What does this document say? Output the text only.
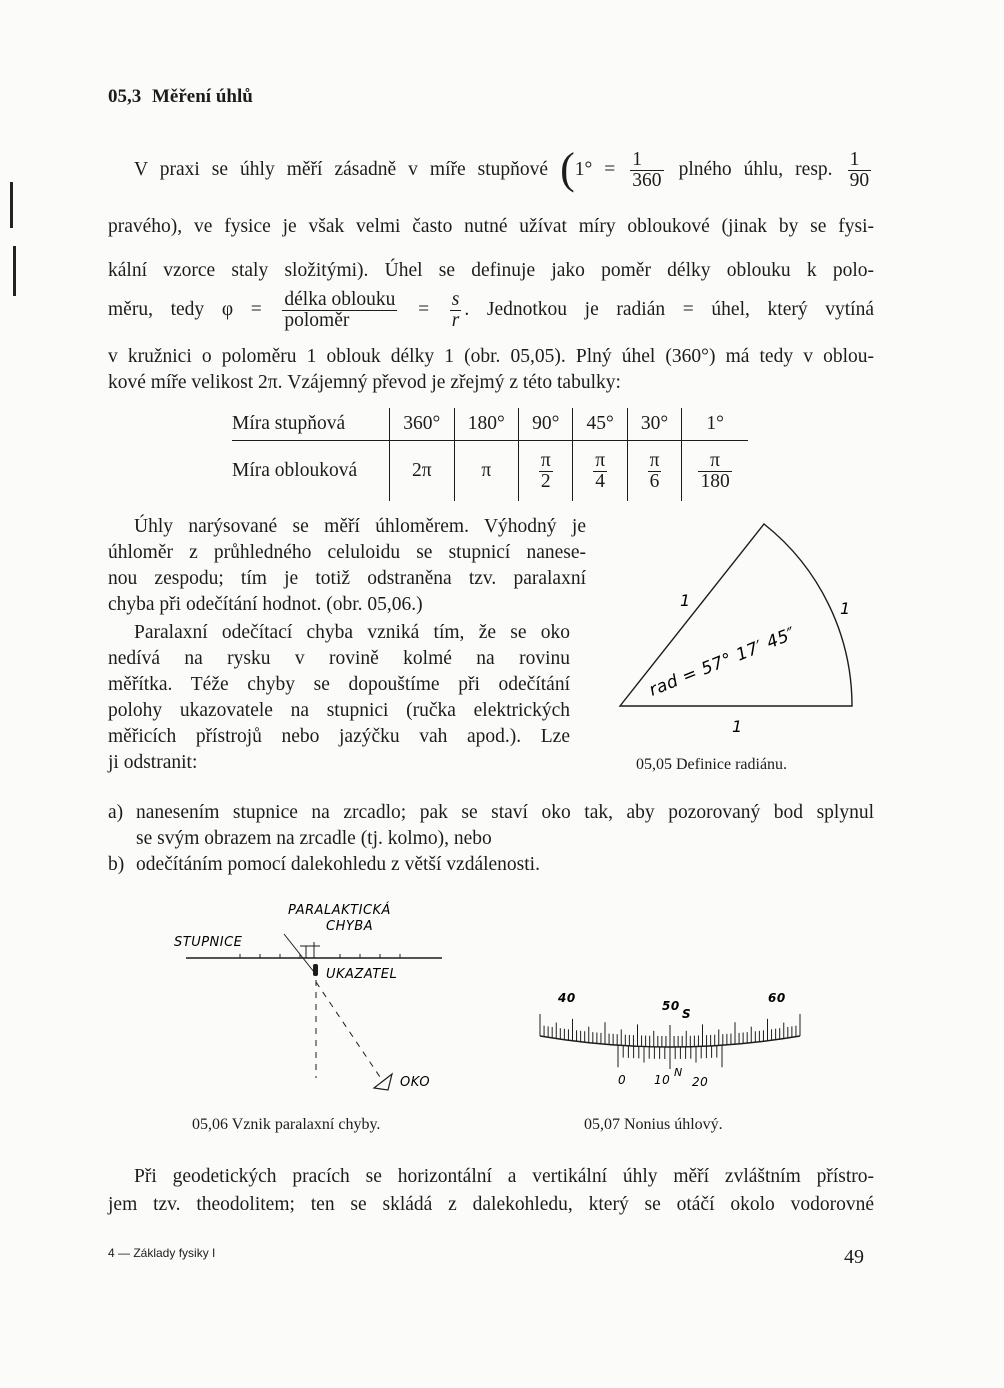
05,3 Měření úhlů
V praxi se úhly měří zásadně v míře stupňové ($1^\circ = \frac{1}{360}$ plného úhlu, resp. $\frac{1}{90}$
pravého), ve fysice je však velmi často nutné užívat míry obloukové (jinak by se fysi-
kální vzorce staly složitými). Úhel se definuje jako poměr délky oblouku k polo-
měru, tedy $\varphi = \frac{\text{délka oblouku}}{\text{poloměr}} = \frac{s}{r}$ . Jednotkou je radián = úhel, který vytíná
v kružnici o poloměru 1 oblouk délky 1 (obr. 05,05). Plný úhel (360°) má tedy v oblou-
kové míře velikost 2π. Vzájemný převod je zřejmý z této tabulky:
Míra stupňová	360°	180°	90°	45°	30°	1°
Míra oblouková	2π	π	$\frac{\pi}{2}$	$\frac{\pi}{4}$	$\frac{\pi}{6}$	$\frac{\pi}{180}$
Úhly narýsované se měří úhloměrem. Výhodný je
úhloměr z průhledného celuloidu se stupnicí nanese-
nou zespodu; tím je totiž odstraněna tzv. paralaxní
chyba při odečítání hodnot. (obr. 05,06.)
Paralaxní odečítací chyba vzniká tím, že se oko
nedívá na rysku v rovině kolmé na rovinu
měřítka. Téže chyby se dopouštíme při odečítání
polohy ukazovatele na stupnici (ručka elektrických
měřicích přístrojů nebo jazýčku vah apod.). Lze
ji odstranit:
1	1
1
rad = 57° 17′ 45″
05,05 Definice radiánu.
a) nanesením stupnice na zrcadlo; pak se staví oko tak, aby pozorovaný bod splynul
se svým obrazem na zrcadle (tj. kolmo), nebo
b) odečítáním pomocí dalekohledu z větší vzdálenosti.
PARALAKTICKÁ
CHYBA
STUPNICE
UKAZATEL
OKO
05,06 Vznik paralaxní chyby.
40
50
S
60
0 10
N
20
05,07 Nonius úhlový.
Při geodetických pracích se horizontální a vertikální úhly měří zvláštním přístro-
jem tzv. theodolitem; ten se skládá z dalekohledu, který se otáčí okolo vodorovné
4 — Základy fysiky I	49
